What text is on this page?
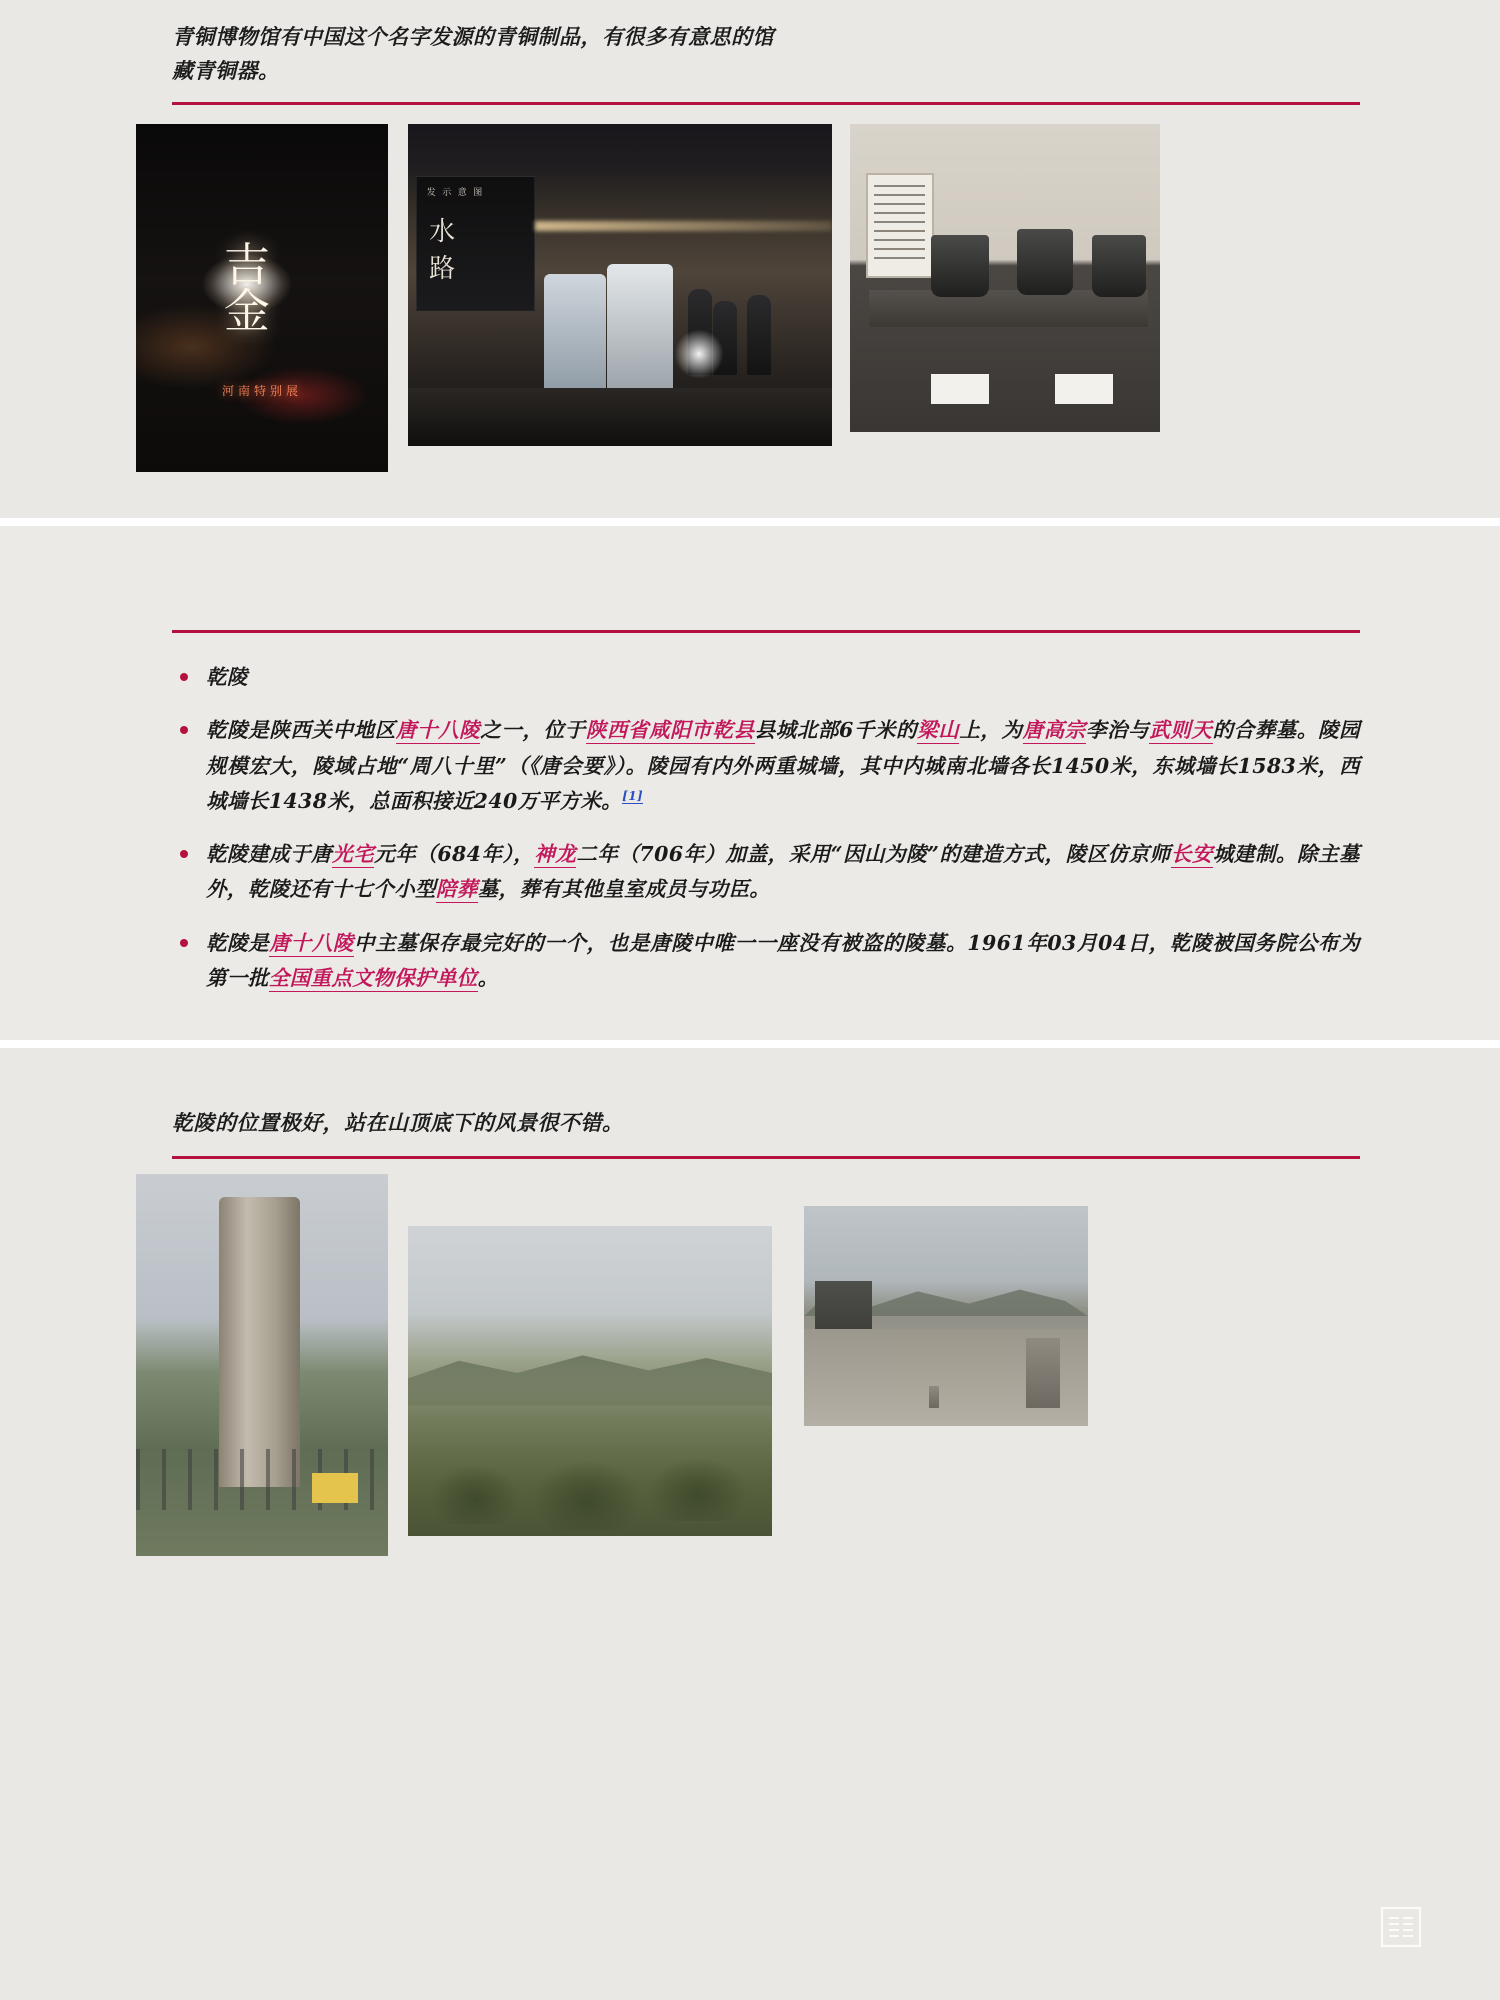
青铜博物馆有中国这个名字发源的青铜制品，有很多有意思的馆
藏青铜器。
吉
金
河南特别展
发 示 意 图
水
路
乾陵
乾陵是陕西关中地区唐十八陵之一，位于陕西省咸阳市乾县县城北部6千米的梁山上，为唐高宗李治与武则天的合葬墓。陵园规模宏大，陵域占地“周八十里”（《唐会要》）。陵园有内外两重城墙，其中内城南北墙各长1450米，东城墙长1583米，西城墙长1438米，总面积接近240万平方米。[1]
乾陵建成于唐光宅元年（684年），神龙二年（706年）加盖，采用“因山为陵”的建造方式，陵区仿京师长安城建制。除主墓外，乾陵还有十七个小型陪葬墓，葬有其他皇室成员与功臣。
乾陵是唐十八陵中主墓保存最完好的一个，也是唐陵中唯一一座没有被盗的陵墓。1961年03月04日，乾陵被国务院公布为第一批全国重点文物保护单位。
乾陵的位置极好，站在山顶底下的风景很不错。
